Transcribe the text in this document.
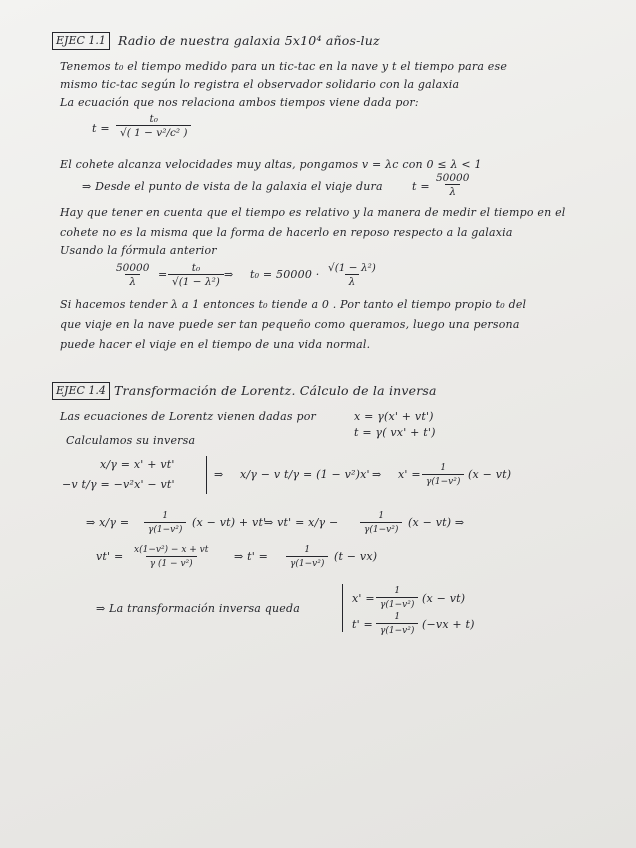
EJEC 1.1 Radio de nuestra galaxia 5x10⁴ años-luz
Tenemos t₀ el tiempo medido para un tic-tac en la nave y t el tiempo para ese
mismo tic-tac según lo registra el observador solidario con la galaxia
La ecuación que nos relaciona ambos tiempos viene dada por:
$t = \frac{\text{t₀}}{\text{√( 1 − v²/c² )}}$
El cohete alcanza velocidades muy altas, pongamos v = λc con 0 ≤ λ < 1
⇒ Desde el punto de vista de la galaxia el viaje dura	$t = \frac{50000}{\lambda}$
Hay que tener en cuenta que el tiempo es relativo y la manera de medir el tiempo en el
cohete no es la misma que la forma de hacerlo en reposo respecto a la galaxia
Usando la fórmula anterior
$\frac{50000}{\lambda} = \frac{\text{t₀}}{\text{√(1 − λ²)}}$ ⇒ $t_0 = 50000 \cdot \frac{\text{√(1 − λ²)}}{\lambda}$
Si hacemos tender λ a 1 entonces t₀ tiende a 0 . Por tanto el tiempo propio t₀ del
que viaje en la nave puede ser tan pequeño como queramos, luego una persona
puede hacer el viaje en el tiempo de una vida normal.
EJEC 1.4 Transformación de Lorentz. Cálculo de la inversa
Las ecuaciones de Lorentz vienen dadas por	x = γ(x' + vt')
t = γ( vx' + t')
Calculamos su inversa
x/γ = x' + vt'
−v t/γ = −v²x' − vt'
⇒ x/γ − v t/γ = (1 − v²)x' ⇒ $x' = \frac{1}{\text{γ(1−v²)}} (x - vt)$
⇒ $x/\gamma = \frac{1}{\text{γ(1−v²)}} (x - vt) + vt'$
⇒ $vt' = x/\gamma - \frac{1}{\text{γ(1−v²)}} (x - vt)$ ⇒
$vt' = \frac{\text{x(1−v²) − x + vt}}{\text{γ (1 − v²)}}$ ⇒ $t' = \frac{1}{\text{γ(1−v²)}} (t - vx)$
⇒ La transformación inversa queda
$x' = \frac{1}{\text{γ(1−v²)}} (x - vt)$
$t' = \frac{1}{\text{γ(1−v²)}} (-vx + t)$
